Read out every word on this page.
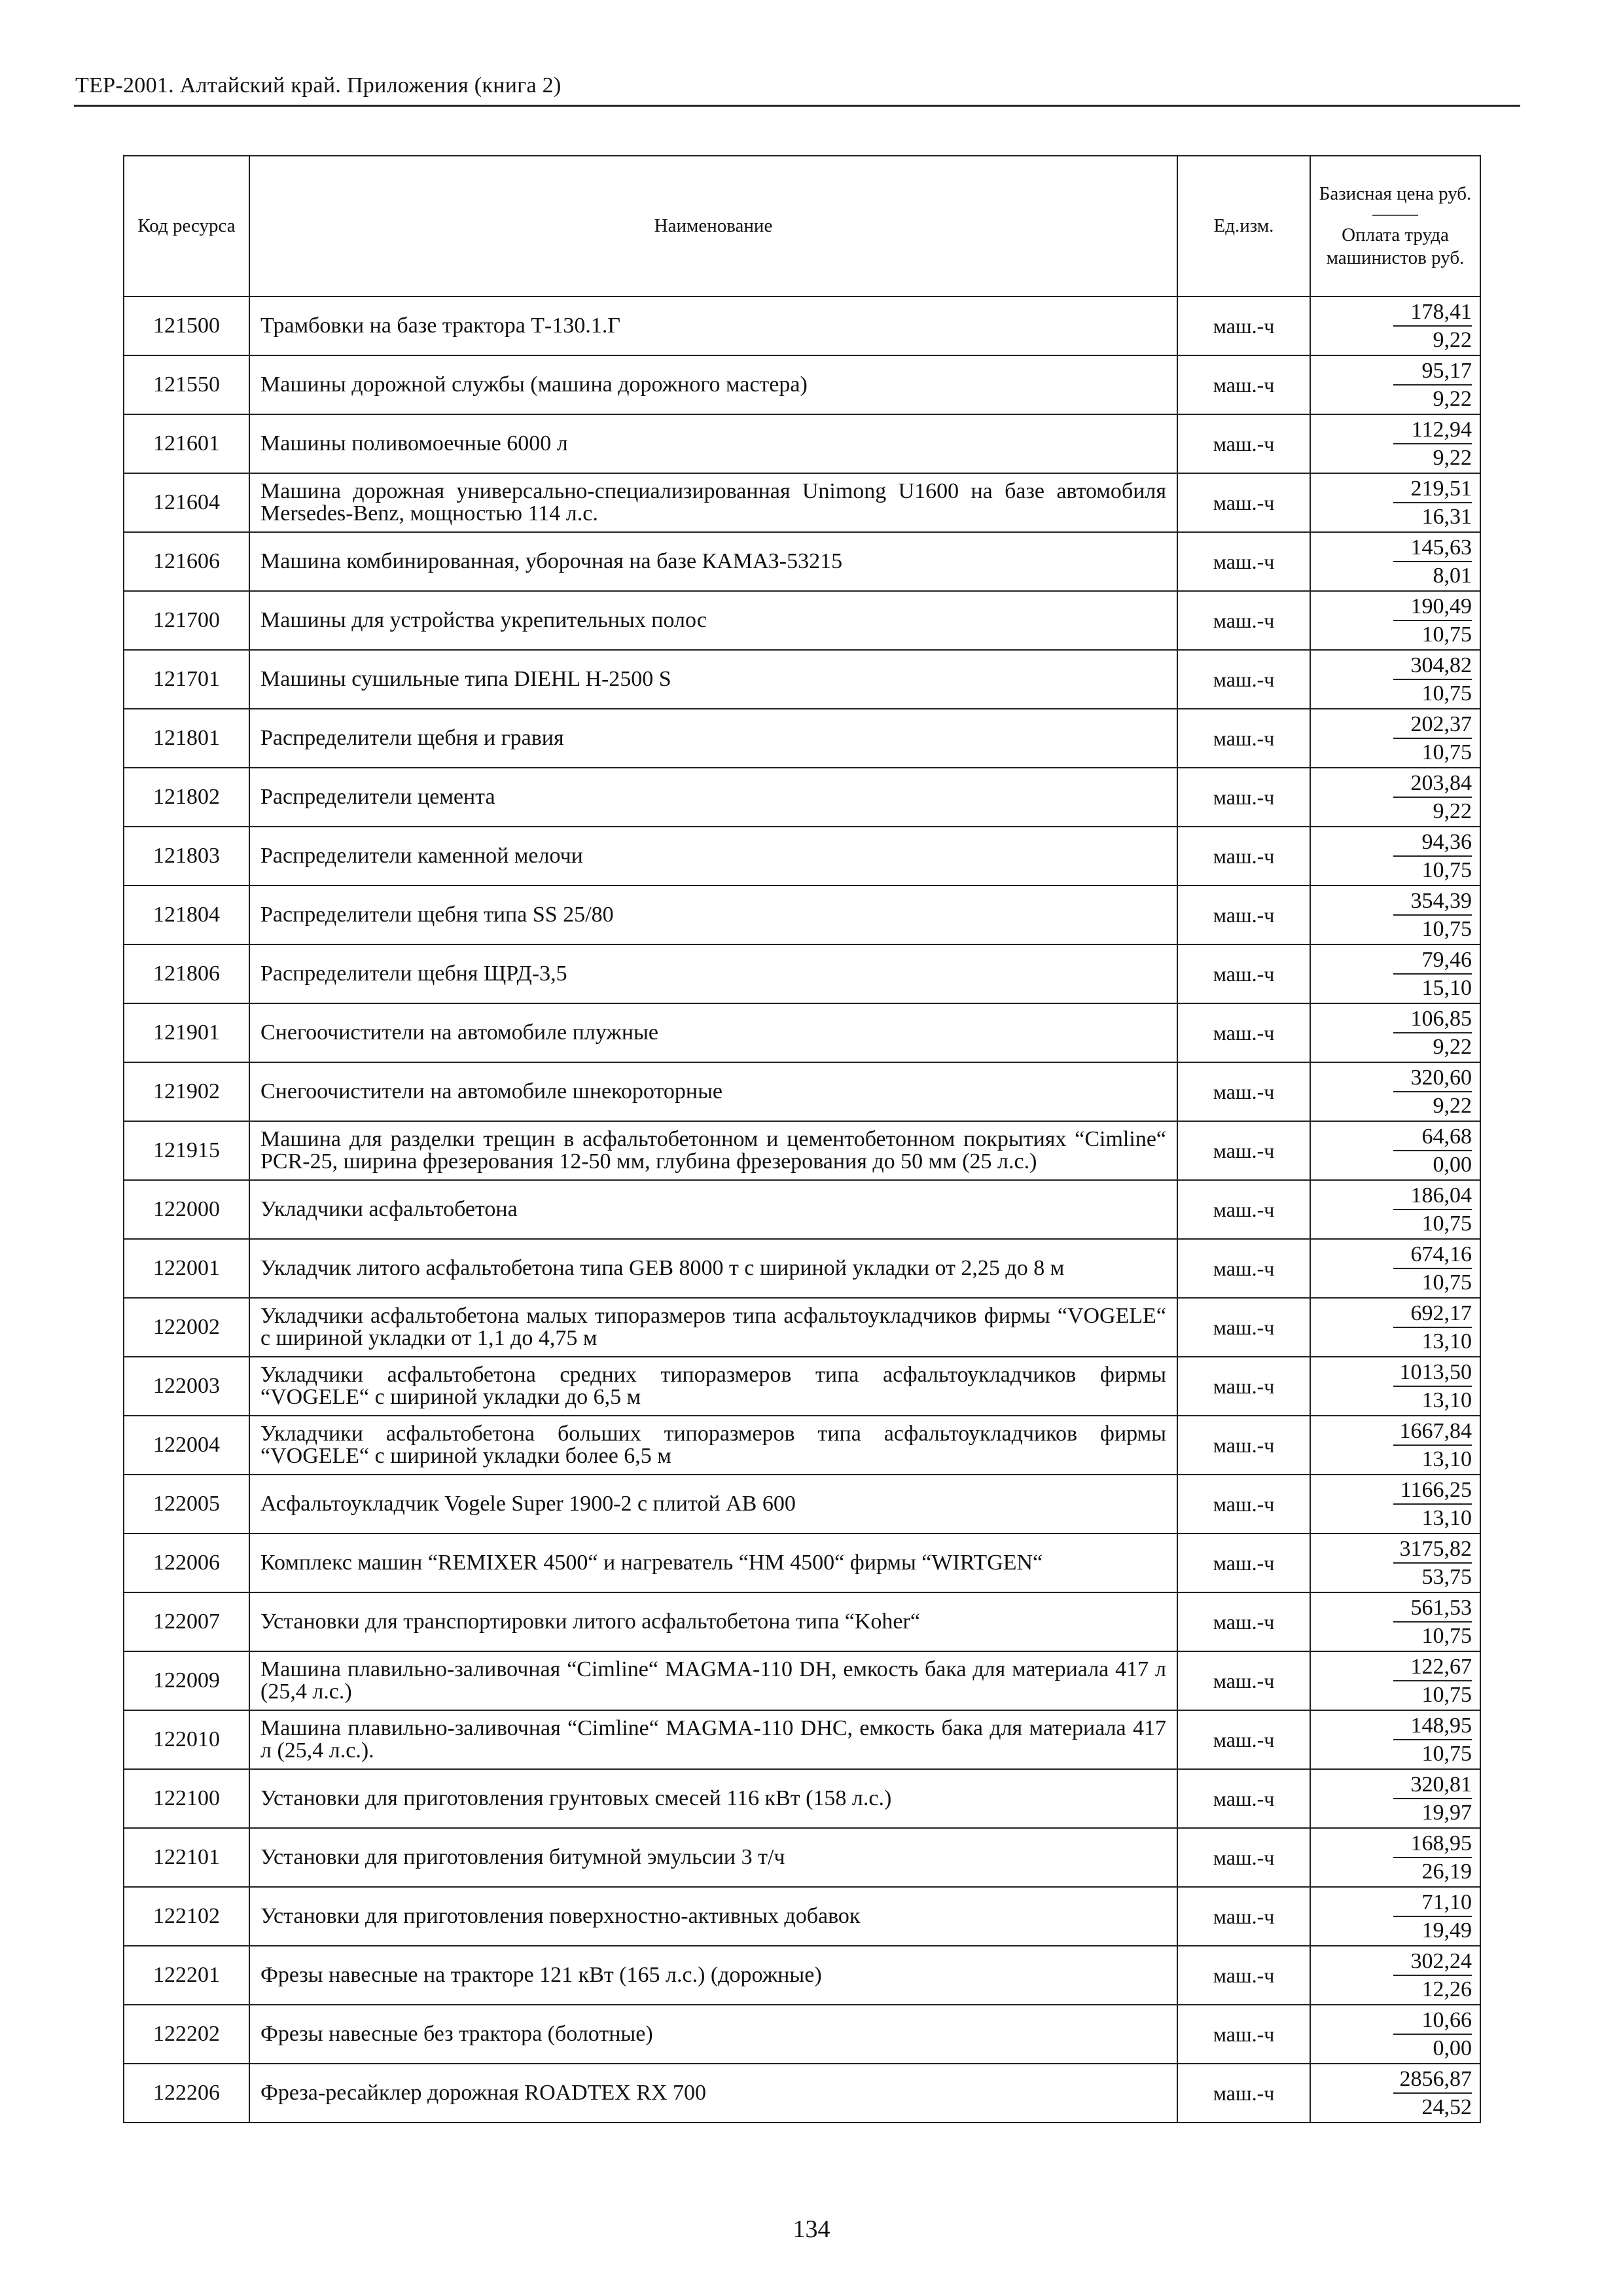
ТЕР-2001. Алтайский край. Приложения (книга 2)
Код ресурса	Наименование	Ед.изм.	Базисная цена руб.
Оплата труда машинистов руб.
121500	Трамбовки на базе трактора Т-130.1.Г	маш.-ч	178,41
9,22

121550	Машины дорожной службы (машина дорожного мастера)	маш.-ч	95,17
9,22

121601	Машины поливомоечные 6000 л	маш.-ч	112,94
9,22

121604	Машина дорожная универсально-специализированная Unimong U1600 на базе автомобиля Mersedes-Benz, мощностью 114 л.с.	маш.-ч	219,51
16,31

121606	Машина комбинированная, уборочная на базе КАМАЗ-53215	маш.-ч	145,63
8,01

121700	Машины для устройства укрепительных полос	маш.-ч	190,49
10,75

121701	Машины сушильные типа DIEHL H-2500 S	маш.-ч	304,82
10,75

121801	Распределители щебня и гравия	маш.-ч	202,37
10,75

121802	Распределители цемента	маш.-ч	203,84
9,22

121803	Распределители каменной мелочи	маш.-ч	94,36
10,75

121804	Распределители щебня типа SS 25/80	маш.-ч	354,39
10,75

121806	Распределители щебня ЩРД-3,5	маш.-ч	79,46
15,10

121901	Снегоочистители на автомобиле плужные	маш.-ч	106,85
9,22

121902	Снегоочистители на автомобиле шнекороторные	маш.-ч	320,60
9,22

121915	Машина для разделки трещин в асфальтобетонном и цементобетонном покрытиях “Cimline“ PCR-25, ширина фрезерования 12-50 мм, глубина фрезерования до 50 мм (25 л.с.)	маш.-ч	64,68
0,00

122000	Укладчики асфальтобетона	маш.-ч	186,04
10,75

122001	Укладчик литого асфальтобетона типа GEB 8000 т с шириной укладки от 2,25 до 8 м	маш.-ч	674,16
10,75

122002	Укладчики асфальтобетона малых типоразмеров типа асфальтоукладчиков фирмы “VOGELE“ с шириной укладки от 1,1 до 4,75 м	маш.-ч	692,17
13,10

122003	Укладчики асфальтобетона средних типоразмеров типа асфальтоукладчиков фирмы “VOGELE“ с шириной укладки до 6,5 м	маш.-ч	1013,50
13,10

122004	Укладчики асфальтобетона больших типоразмеров типа асфальтоукладчиков фирмы “VOGELE“ с шириной укладки более 6,5 м	маш.-ч	1667,84
13,10

122005	Асфальтоукладчик Vogele Super 1900-2 с плитой АВ 600	маш.-ч	1166,25
13,10

122006	Комплекс машин “REMIXER 4500“ и нагреватель “HM 4500“ фирмы “WIRTGEN“	маш.-ч	3175,82
53,75

122007	Установки для транспортировки литого асфальтобетона типа “Koher“	маш.-ч	561,53
10,75

122009	Машина плавильно-заливочная “Cimline“ MAGMA-110 DH, емкость бака для материала 417 л (25,4 л.с.)	маш.-ч	122,67
10,75

122010	Машина плавильно-заливочная “Cimline“ MAGMA-110 DHC, емкость бака для материала 417 л (25,4 л.с.).	маш.-ч	148,95
10,75

122100	Установки для приготовления грунтовых смесей 116 кВт (158 л.с.)	маш.-ч	320,81
19,97

122101	Установки для приготовления битумной эмульсии 3 т/ч	маш.-ч	168,95
26,19

122102	Установки для приготовления поверхностно-активных добавок	маш.-ч	71,10
19,49

122201	Фрезы навесные на тракторе 121 кВт (165 л.с.) (дорожные)	маш.-ч	302,24
12,26

122202	Фрезы навесные без трактора (болотные)	маш.-ч	10,66
0,00

122206	Фреза-ресайклер дорожная ROADTEX RX 700	маш.-ч	2856,87
24,52
134
